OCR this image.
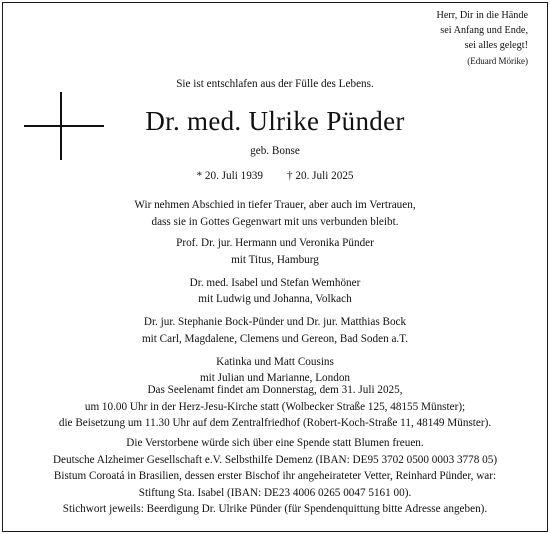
Herr, Dir in die Hände
sei Anfang und Ende,
sei alles gelegt!
(Eduard Mörike)
Sie ist entschlafen aus der Fülle des Lebens.
Dr. med. Ulrike Pünder
geb. Bonse
* 20. Juli 1939 † 20. Juli 2025
Wir nehmen Abschied in tiefer Trauer, aber auch im Vertrauen,
dass sie in Gottes Gegenwart mit uns verbunden bleibt.
Prof. Dr. jur. Hermann und Veronika Pünder
mit Titus, Hamburg
Dr. med. Isabel und Stefan Wemhöner
mit Ludwig und Johanna, Volkach
Dr. jur. Stephanie Bock-Pünder und Dr. jur. Matthias Bock
mit Carl, Magdalene, Clemens und Gereon, Bad Soden a.T.
Katinka und Matt Cousins
mit Julian und Marianne, London
Das Seelenamt findet am Donnerstag, dem 31. Juli 2025,
um 10.00 Uhr in der Herz-Jesu-Kirche statt (Wolbecker Straße 125, 48155 Münster);
die Beisetzung um 11.30 Uhr auf dem Zentralfriedhof (Robert-Koch-Straße 11, 48149 Münster).
Die Verstorbene würde sich über eine Spende statt Blumen freuen.
Deutsche Alzheimer Gesellschaft e.V. Selbsthilfe Demenz (IBAN: DE95 3702 0500 0003 3778 05)
Bistum Coroatá in Brasilien, dessen erster Bischof ihr angeheirateter Vetter, Reinhard Pünder, war:
Stiftung Sta. Isabel (IBAN: DE23 4006 0265 0047 5161 00).
Stichwort jeweils: Beerdigung Dr. Ulrike Pünder (für Spendenquittung bitte Adresse angeben).
